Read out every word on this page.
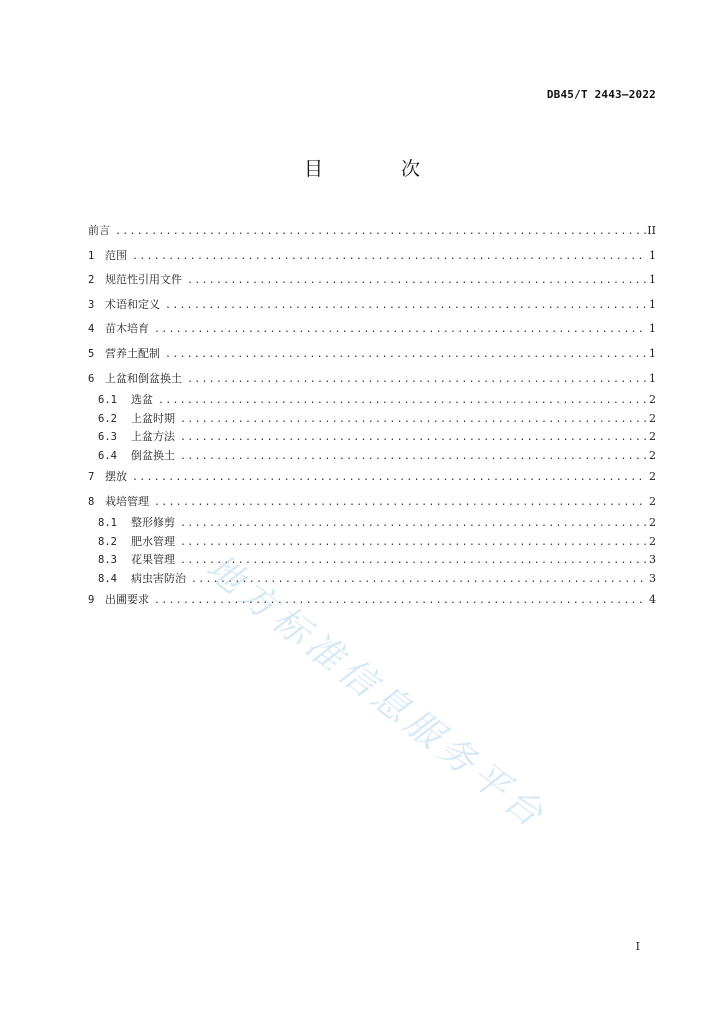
DB45/T 2443—2022
目 次
前言 .....	II
1 范围 .....	1
2 规范性引用文件 .....	1
3 术语和定义 .....	1
4 苗木培育 .....	1
5 营养土配制 .....	1
6 上盆和倒盆换土 .....	1
6.1	选盆 .....	2
6.2	上盆时期 .....	2
6.3	上盆方法 .....	2
6.4	倒盆换土 .....	2
7 摆放 .....	2
8 栽培管理 .....	2
8.1	整形修剪 .....	2
8.2	肥水管理 .....	2
8.3	花果管理 .....	3
8.4	病虫害防治 .....	3
9 出圃要求 .....	4
地方标准信息服务平台
I
